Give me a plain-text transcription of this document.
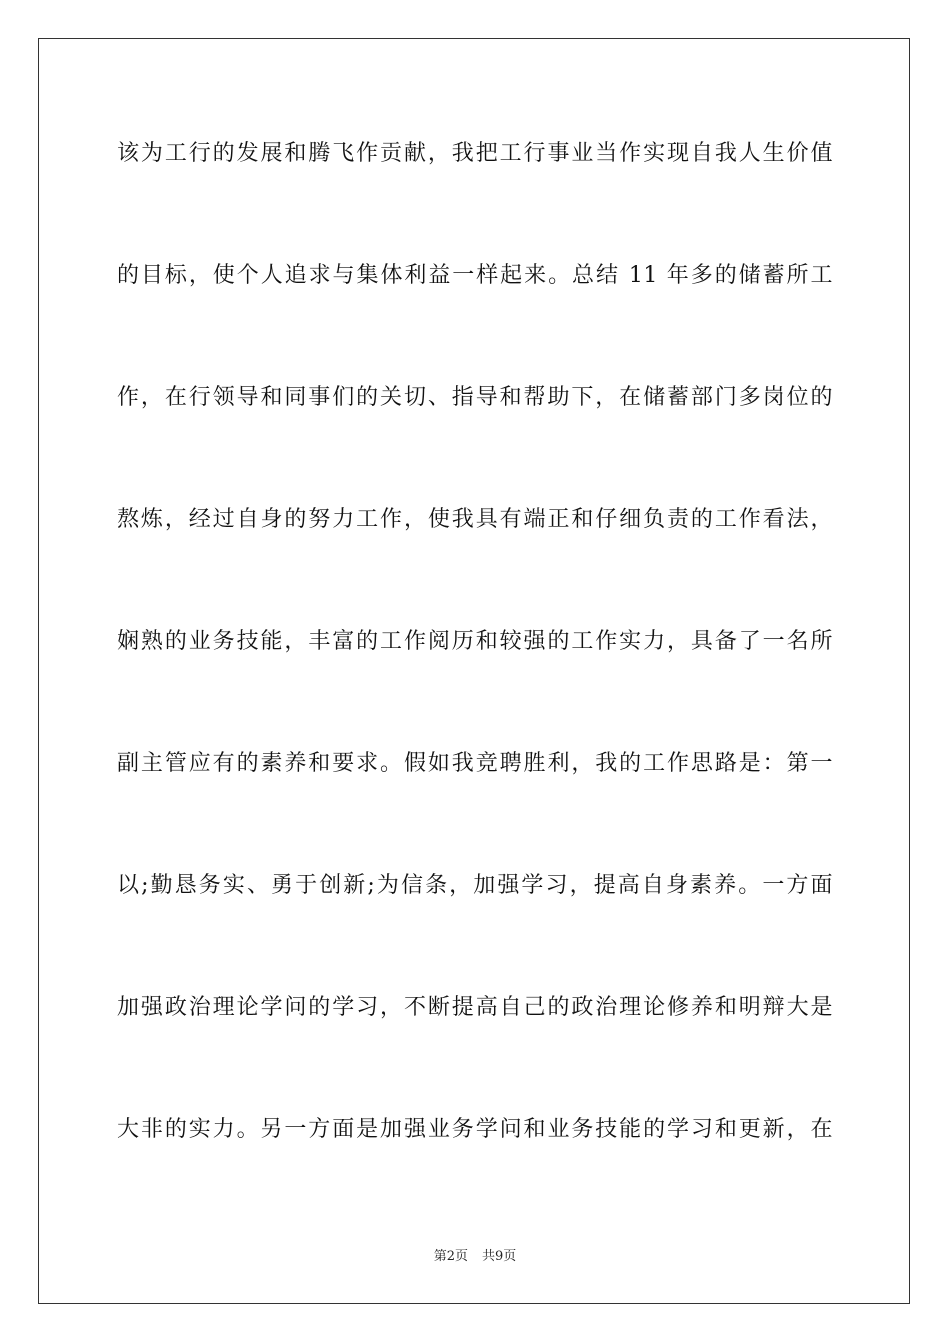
该为工行的发展和腾飞作贡献，我把工行事业当作实现自我人生价值
的目标，使个人追求与集体利益一样起来。总结 11 年多的储蓄所工
作，在行领导和同事们的关切、指导和帮助下，在储蓄部门多岗位的
熬炼，经过自身的努力工作，使我具有端正和仔细负责的工作看法，
娴熟的业务技能，丰富的工作阅历和较强的工作实力，具备了一名所
副主管应有的素养和要求。假如我竞聘胜利，我的工作思路是：第一
以;勤恳务实、勇于创新;为信条，加强学习，提高自身素养。一方面
加强政治理论学问的学习，不断提高自己的政治理论修养和明辩大是
大非的实力。另一方面是加强业务学问和业务技能的学习和更新，在
第2页 共9页
